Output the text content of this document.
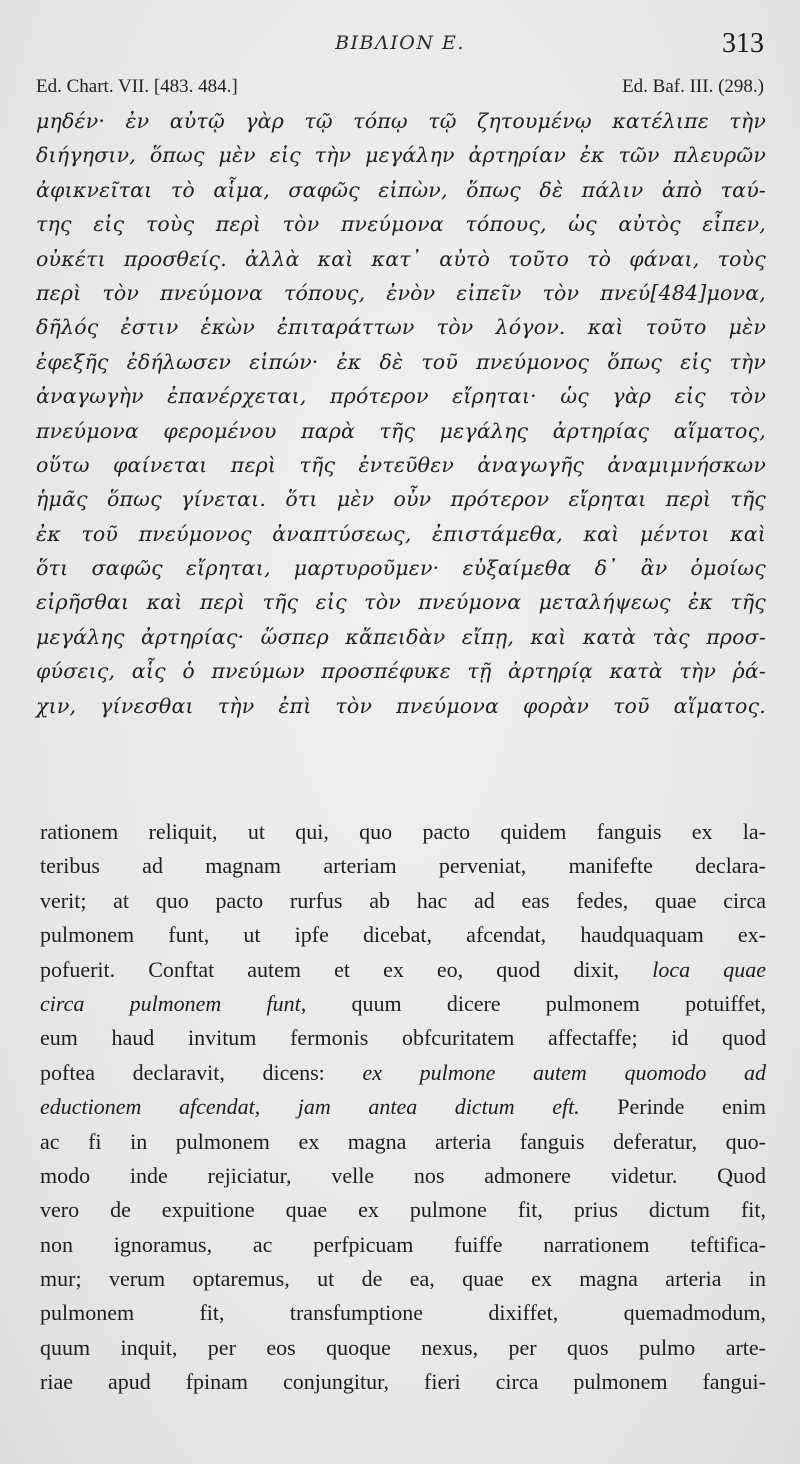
ΒΙΒΛΙΟΝ Ε.	313
Ed. Chart. VII. [483. 484.]	Ed. Baf. III. (298.)
μηδέν· ἐν αὐτῷ γὰρ τῷ τόπῳ τῷ ζητουμένῳ κατέλιπε τὴν
διήγησιν, ὅπως μὲν εἰς τὴν μεγάλην ἀρτηρίαν ἐκ τῶν πλευρῶν
ἀφικνεῖται τὸ αἷμα, σαφῶς εἰπὼν, ὅπως δὲ πάλιν ἀπὸ ταύ-
της εἰς τοὺς περὶ τὸν πνεύμονα τόπους, ὡς αὐτὸς εἶπεν,
οὐκέτι προσθείς. ἀλλὰ καὶ κατ᾽ αὐτὸ τοῦτο τὸ φάναι, τοὺς
περὶ τὸν πνεύμονα τόπους, ἐνὸν εἰπεῖν τὸν πνεύ[484]μονα,
δῆλός ἐστιν ἑκὼν ἐπιταράττων τὸν λόγον. καὶ τοῦτο μὲν
ἐφεξῆς ἐδήλωσεν εἰπών· ἐκ δὲ τοῦ πνεύμονος ὅπως εἰς τὴν
ἀναγωγὴν ἐπανέρχεται, πρότερον εἴρηται· ὡς γὰρ εἰς τὸν
πνεύμονα φερομένου παρὰ τῆς μεγάλης ἀρτηρίας αἵματος,
οὕτω φαίνεται περὶ τῆς ἐντεῦθεν ἀναγωγῆς ἀναμιμνήσκων
ἡμᾶς ὅπως γίνεται. ὅτι μὲν οὖν πρότερον εἴρηται περὶ τῆς
ἐκ τοῦ πνεύμονος ἀναπτύσεως, ἐπιστάμεθα, καὶ μέντοι καὶ
ὅτι σαφῶς εἴρηται, μαρτυροῦμεν· εὐξαίμεθα δ᾽ ἂν ὁμοίως
εἰρῆσθαι καὶ περὶ τῆς εἰς τὸν πνεύμονα μεταλήψεως ἐκ τῆς
μεγάλης ἀρτηρίας· ὥσπερ κἄπειδὰν εἴπῃ, καὶ κατὰ τὰς προσ-
φύσεις, αἷς ὁ πνεύμων προσπέφυκε τῇ ἀρτηρίᾳ κατὰ τὴν ῥά-
χιν, γίνεσθαι τὴν ἐπὶ τὸν πνεύμονα φορὰν τοῦ αἵματος.
rationem reliquit, ut qui, quo pacto quidem fanguis ex la-
teribus ad magnam arteriam perveniat, manifefte declara-
verit; at quo pacto rurfus ab hac ad eas fedes, quae circa
pulmonem funt, ut ipfe dicebat, afcendat, haudquaquam ex-
pofuerit. Conftat autem et ex eo, quod dixit, loca quae
circa pulmonem funt, quum dicere pulmonem potuiffet,
eum haud invitum fermonis obfcuritatem affectaffe; id quod
poftea declaravit, dicens: ex pulmone autem quomodo ad
eductionem afcendat, jam antea dictum eft. Perinde enim
ac fi in pulmonem ex magna arteria fanguis deferatur, quo-
modo inde rejiciatur, velle nos admonere videtur. Quod
vero de expuitione quae ex pulmone fit, prius dictum fit,
non ignoramus, ac perfpicuam fuiffe narrationem teftifica-
mur; verum optaremus, ut de ea, quae ex magna arteria in
pulmonem fit, transfumptione dixiffet, quemadmodum,
quum inquit, per eos quoque nexus, per quos pulmo arte-
riae apud fpinam conjungitur, fieri circa pulmonem fangui-
